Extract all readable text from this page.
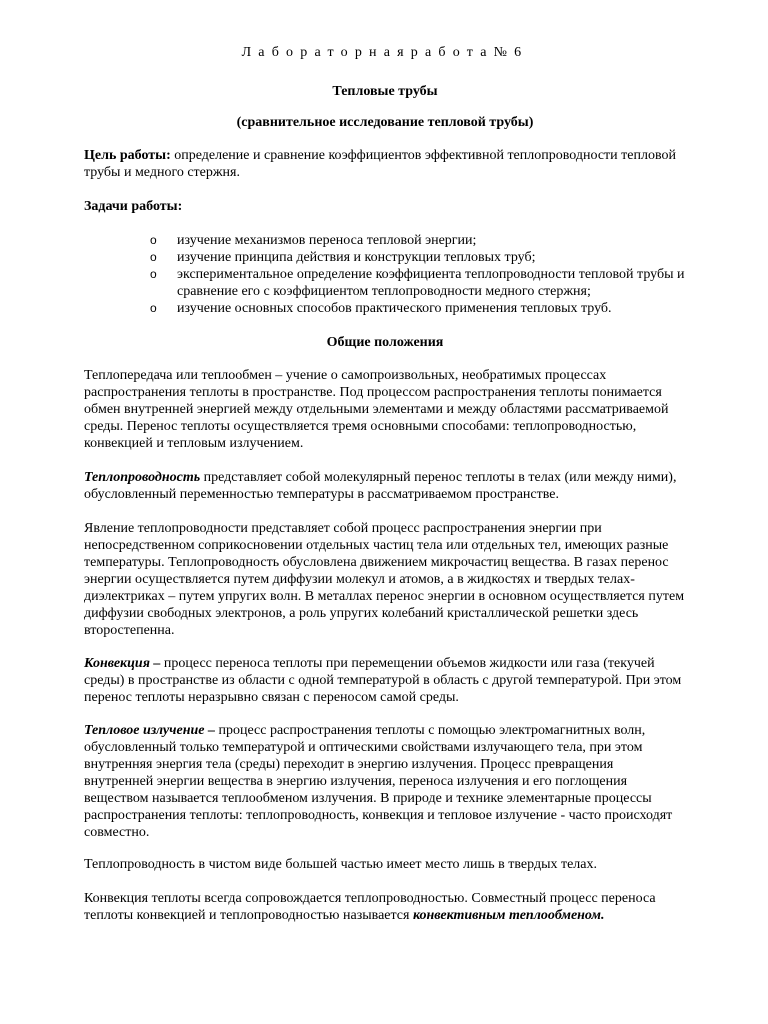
Лабораторнаяработа№6

Тепловые трубы

(сравнительное исследование тепловой трубы)

Цель работы: определение и сравнение коэффициентов эффективной теплопроводности тепловой трубы и медного стержня.

Задачи работы:

o изучение механизмов переноса тепловой энергии;
o изучение принципа действия и конструкции тепловых труб;
o экспериментальное определение коэффициента теплопроводности тепловой трубы и сравнение его с коэффициентом теплопроводности медного стержня;
o изучение основных способов практического применения тепловых труб.

Общие положения

Теплопередача или теплообмен – учение о самопроизвольных, необратимых процессах распространения теплоты в пространстве. Под процессом распространения теплоты понимается обмен внутренней энергией между отдельными элементами и между областями рассматриваемой среды. Перенос теплоты осуществляется тремя основными способами: теплопроводностью, конвекцией и тепловым излучением.

Теплопроводность представляет собой молекулярный перенос теплоты в телах (или между ними), обусловленный переменностью температуры в рассматриваемом пространстве.

Явление теплопроводности представляет собой процесс распространения энергии при непосредственном соприкосновении отдельных частиц тела или отдельных тел, имеющих разные температуры. Теплопроводность обусловлена движением микрочастиц вещества. В газах перенос энергии осуществляется путем диффузии молекул и атомов, а в жидкостях и твердых телах-диэлектриках – путем упругих волн. В металлах перенос энергии в основном осуществляется путем диффузии свободных электронов, а роль упругих колебаний кристаллической решетки здесь второстепенна.

Конвекция – процесс переноса теплоты при перемещении объемов жидкости или газа (текучей среды) в пространстве из области с одной температурой в область с другой температурой. При этом перенос теплоты неразрывно связан с переносом самой среды.

Тепловое излучение – процесс распространения теплоты с помощью электромагнитных волн, обусловленный только температурой и оптическими свойствами излучающего тела, при этом внутренняя энергия тела (среды) переходит в энергию излучения. Процесс превращения внутренней энергии вещества в энергию излучения, переноса излучения и его поглощения веществом называется теплообменом излучения. В природе и технике элементарные процессы распространения теплоты: теплопроводность, конвекция и тепловое излучение - часто происходят совместно.

Теплопроводность в чистом виде большей частью имеет место лишь в твердых телах.

Конвекция теплоты всегда сопровождается теплопроводностью. Совместный процесс переноса теплоты конвекцией и теплопроводностью называется конвективным теплообменом.
